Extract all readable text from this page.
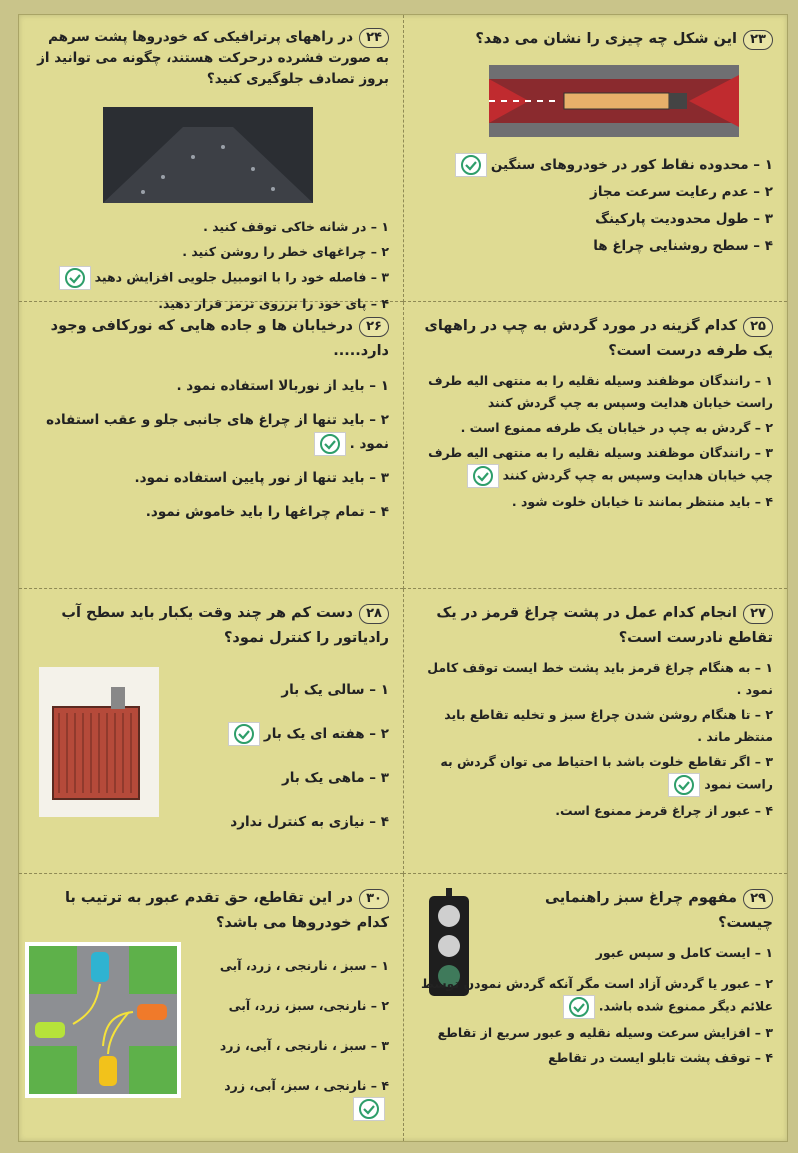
۲۳این شکل چه چیزی را نشان می دهد؟
۱ – محدوده نقاط کور در خودروهای سنگین
۲ – عدم رعایت سرعت مجاز
۳ – طول محدودیت پارکینگ
۴ – سطح روشنایی چراغ ها
۲۴در راههای پرترافیکی که خودروها پشت سرهم به صورت فشرده درحرکت هستند، چگونه می توانید از بروز تصادف جلوگیری کنید؟
۱ – در شانه خاکی توقف کنید .
۲ – چراغهای خطر را روشن کنید .
۳ – فاصله خود را با اتومبیل جلویی افزایش دهید
۴ – پای خود را برروی ترمز قرار دهید.
۲۵کدام گزینه در مورد گردش به چپ در راههای یک طرفه درست است؟
۱ – رانندگان موظفند وسیله نقلیه را به منتهی الیه طرف راست خیابان هدایت وسپس به چپ گردش کنند
۲ – گردش به چپ در خیابان یک طرفه ممنوع است .
۳ – رانندگان موظفند وسیله نقلیه را به منتهی الیه طرف چپ خیابان هدایت وسپس به چپ گردش کنند
۴ – باید منتظر بمانند تا خیابان خلوت شود .
۲۶درخیابان ها و جاده هایی که نورکافی وجود دارد.....
۱ – باید از نوربالا استفاده نمود .
۲ – باید تنها از چراغ های جانبی جلو و عقب استفاده نمود .
۳ – باید تنها از نور پایین استفاده نمود.
۴ – تمام چراغها را باید خاموش نمود.
۲۷انجام کدام عمل در پشت چراغ قرمز در یک تقاطع نادرست است؟
۱ – به هنگام چراغ قرمز باید پشت خط ایست توقف کامل نمود .
۲ – تا هنگام روشن شدن چراغ سبز و تخلیه تقاطع باید منتظر ماند .
۳ – اگر تقاطع خلوت باشد با احتیاط می توان گردش به راست نمود
۴ – عبور از چراغ قرمز ممنوع است.
۲۸دست کم هر چند وقت یکبار باید سطح آب رادیاتور را کنترل نمود؟
۱ – سالی یک بار
۲ – هفته ای یک بار
۳ – ماهی یک بار
۴ – نیازی به کنترل ندارد
۲۹مفهوم چراغ سبز راهنمایی چیست؟
۱ – ایست کامل و سپس عبور
۲ – عبور یا گردش آزاد است مگر آنکه گردش نمودن توسط علائم دیگر ممنوع شده باشد.
۳ – افزایش سرعت وسیله نقلیه و عبور سریع از تقاطع
۴ – توقف پشت تابلو ایست در تقاطع
۳۰در این تقاطع، حق تقدم عبور به ترتیب با کدام خودروها می باشد؟
۱ – سبز ، نارنجی ، زرد، آبی
۲ – نارنجی، سبز، زرد، آبی
۳ – سبز ، نارنجی ، آبی، زرد
۴ – نارنجی ، سبز، آبی، زرد
